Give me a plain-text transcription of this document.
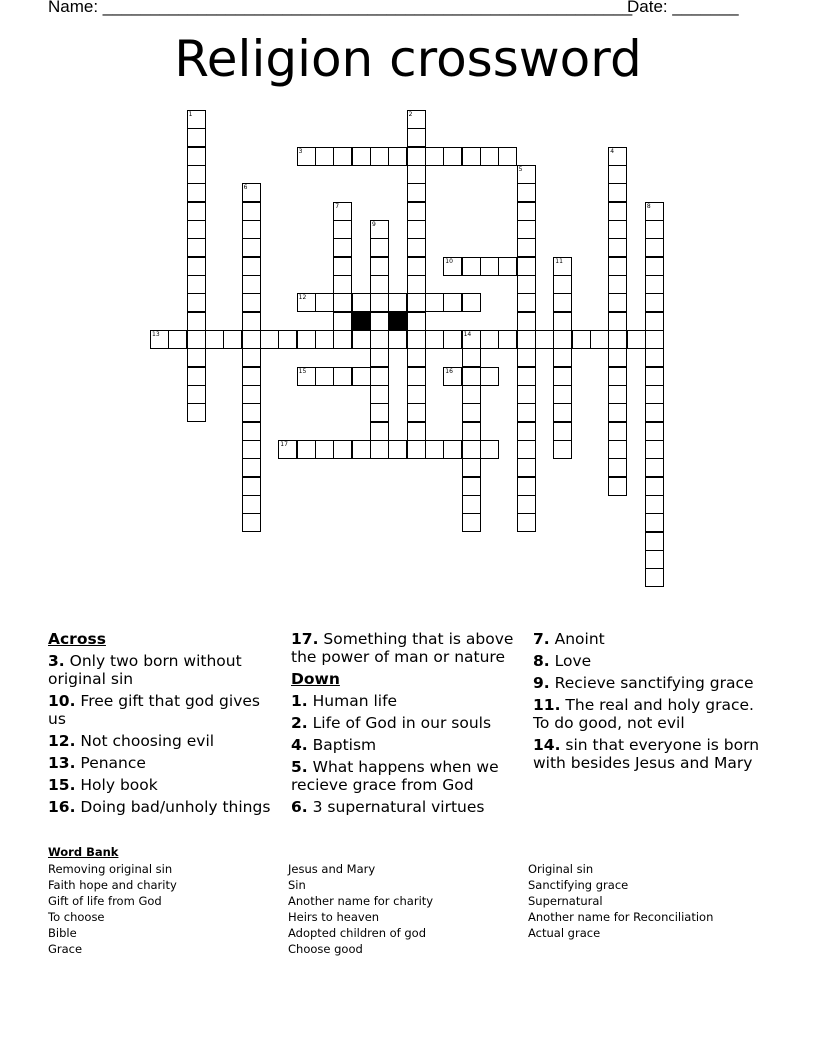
Name: ________________________________________________________
Date: _______
Religion crossword
1	2
3	4
5
6
7	8
9
10	11
12
13	14
15	16
17
Across
3. Only two born without original sin
10. Free gift that god gives us
12. Not choosing evil
13. Penance
15. Holy book
16. Doing bad/unholy things
17. Something that is above the power of man or nature
Down
1. Human life
2. Life of God in our souls
4. Baptism
5. What happens when we recieve grace from God
6. 3 supernatural virtues
7. Anoint
8. Love
9. Recieve sanctifying grace
11. The real and holy grace. To do good, not evil
14. sin that everyone is born with besides Jesus and Mary
Word Bank
Removing original sin
Faith hope and charity
Gift of life from God
To choose
Bible
Grace
Jesus and Mary
Sin
Another name for charity
Heirs to heaven
Adopted children of god
Choose good
Original sin
Sanctifying grace
Supernatural
Another name for Reconciliation
Actual grace
